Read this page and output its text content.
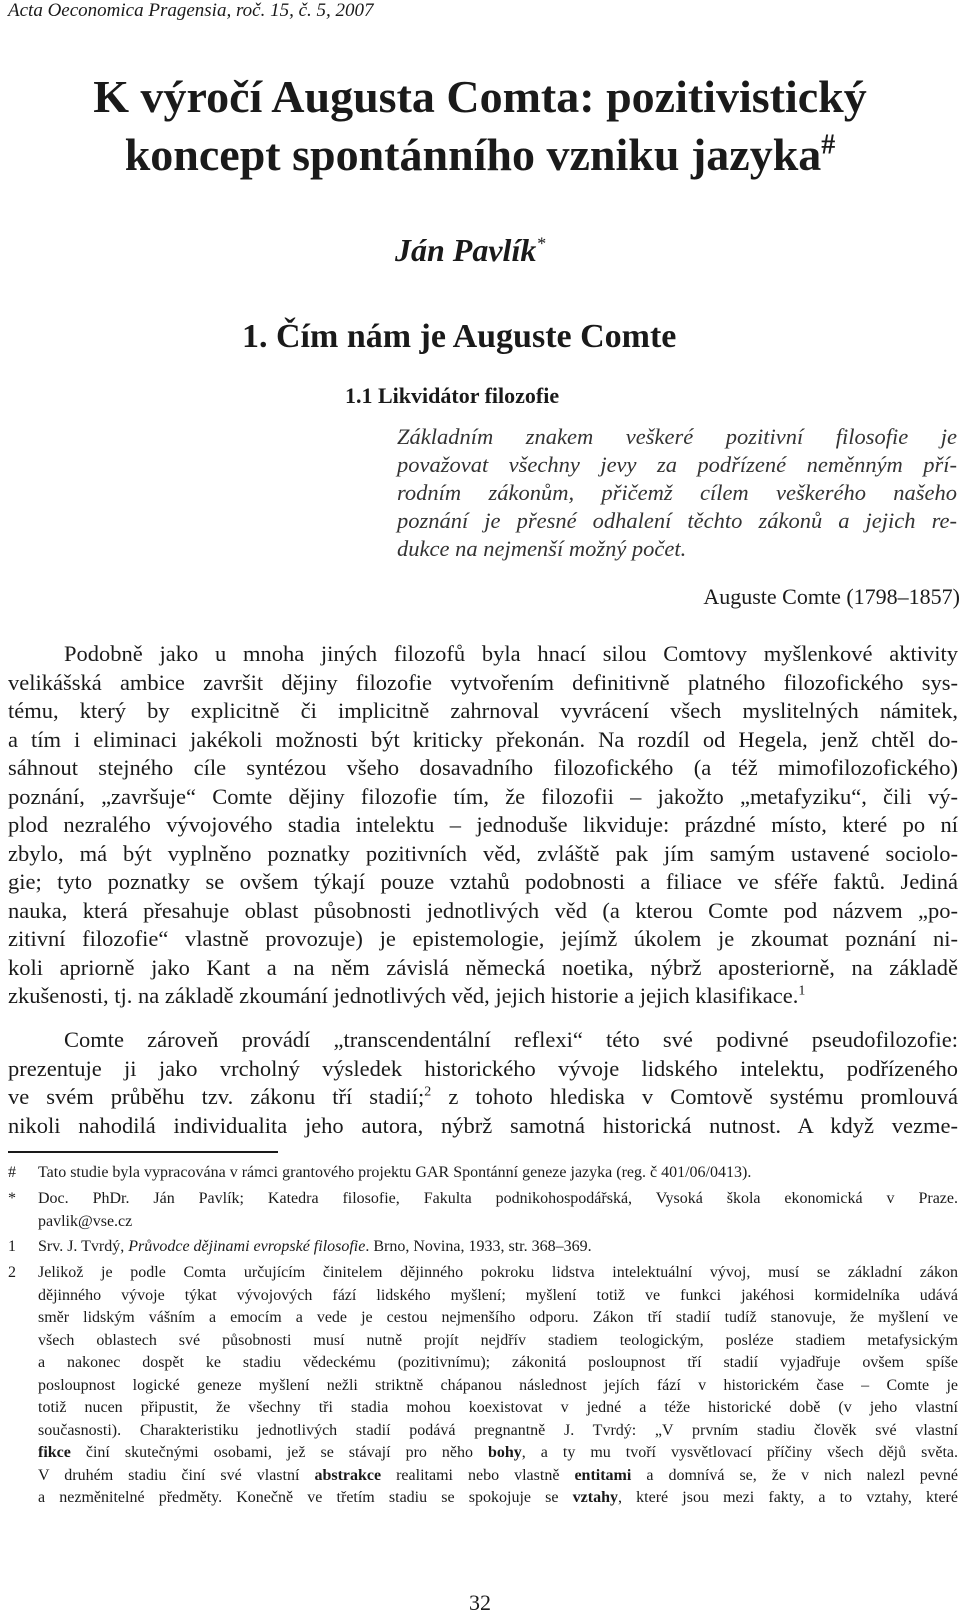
Acta Oeconomica Pragensia, roč. 15, č. 5, 2007
K výročí Augusta Comta: pozitivistický
koncept spontánního vzniku jazyka#
Ján Pavlík*
1. Čím nám je Auguste Comte
1.1 Likvidátor filozofie
Základním znakem veškeré pozitivní filosofie je
považovat všechny jevy za podřízené neměnným pří-
rodním zákonům, přičemž cílem veškerého našeho
poznání je přesné odhalení těchto zákonů a jejich re-
dukce na nejmenší možný počet.
Auguste Comte (1798–1857)
Podobně jako u mnoha jiných filozofů byla hnací silou Comtovy myšlenkové aktivity
velikášská ambice završit dějiny filozofie vytvořením definitivně platného filozofického sys-
tému, který by explicitně či implicitně zahrnoval vyvrácení všech myslitelných námitek,
a tím i eliminaci jakékoli možnosti být kriticky překonán. Na rozdíl od Hegela, jenž chtěl do-
sáhnout stejného cíle syntézou všeho dosavadního filozofického (a též mimofilozofického)
poznání, „završuje“ Comte dějiny filozofie tím, že filozofii – jakožto „metafyziku“, čili vý-
plod nezralého vývojového stadia intelektu – jednoduše likviduje: prázdné místo, které po ní
zbylo, má být vyplněno poznatky pozitivních věd, zvláště pak jím samým ustavené sociolo-
gie; tyto poznatky se ovšem týkají pouze vztahů podobnosti a filiace ve sféře faktů. Jediná
nauka, která přesahuje oblast působnosti jednotlivých věd (a kterou Comte pod názvem „po-
zitivní filozofie“ vlastně provozuje) je epistemologie, jejímž úkolem je zkoumat poznání ni-
koli apriorně jako Kant a na něm závislá německá noetika, nýbrž aposteriorně, na základě
zkušenosti, tj. na základě zkoumání jednotlivých věd, jejich historie a jejich klasifikace.$^1$
Comte zároveň provádí „transcendentální reflexi“ této své podivné pseudofilozofie:
prezentuje ji jako vrcholný výsledek historického vývoje lidského intelektu, podřízeného
ve svém průběhu tzv. zákonu tří stadií;$^2$ z tohoto hlediska v Comtově systému promlouvá
nikoli nahodilá individualita jeho autora, nýbrž samotná historická nutnost. A když vezme-
# Tato studie byla vypracována v rámci grantového projektu GAR Spontánní geneze jazyka (reg. č 401/06/0413).
* Doc. PhDr. Ján Pavlík; Katedra filosofie, Fakulta podnikohospodářská, Vysoká škola ekonomická v Praze.
pavlik@vse.cz
1 Srv. J. Tvrdý, Průvodce dějinami evropské filosofie. Brno, Novina, 1933, str. 368–369.
2 Jelikož je podle Comta určujícím činitelem dějinného pokroku lidstva intelektuální vývoj, musí se základní zákon
dějinného vývoje týkat vývojových fází lidského myšlení; myšlení totiž ve funkci jakéhosi kormidelníka udává
směr lidským vášním a emocím a vede je cestou nejmenšího odporu. Zákon tří stadií tudíž stanovuje, že myšlení ve
všech oblastech své působnosti musí nutně projít nejdřív stadiem teologickým, posléze stadiem metafysickým
a nakonec dospět ke stadiu vědeckému (pozitivnímu); zákonitá posloupnost tří stadií vyjadřuje ovšem spíše
posloupnost logické geneze myšlení nežli striktně chápanou následnost jejích fází v historickém čase – Comte je
totiž nucen připustit, že všechny tři stadia mohou koexistovat v jedné a téže historické době (v jeho vlastní
současnosti). Charakteristiku jednotlivých stadií podává pregnantně J. Tvrdý: „V prvním stadiu člověk své vlastní
fikce činí skutečnými osobami, jež se stávají pro něho bohy, a ty mu tvoří vysvětlovací příčiny všech dějů světa.
V druhém stadiu činí své vlastní abstrakce realitami nebo vlastně entitami a domnívá se, že v nich nalezl pevné
a nezměnitelné předměty. Konečně ve třetím stadiu se spokojuje se vztahy, které jsou mezi fakty, a to vztahy, které
32
